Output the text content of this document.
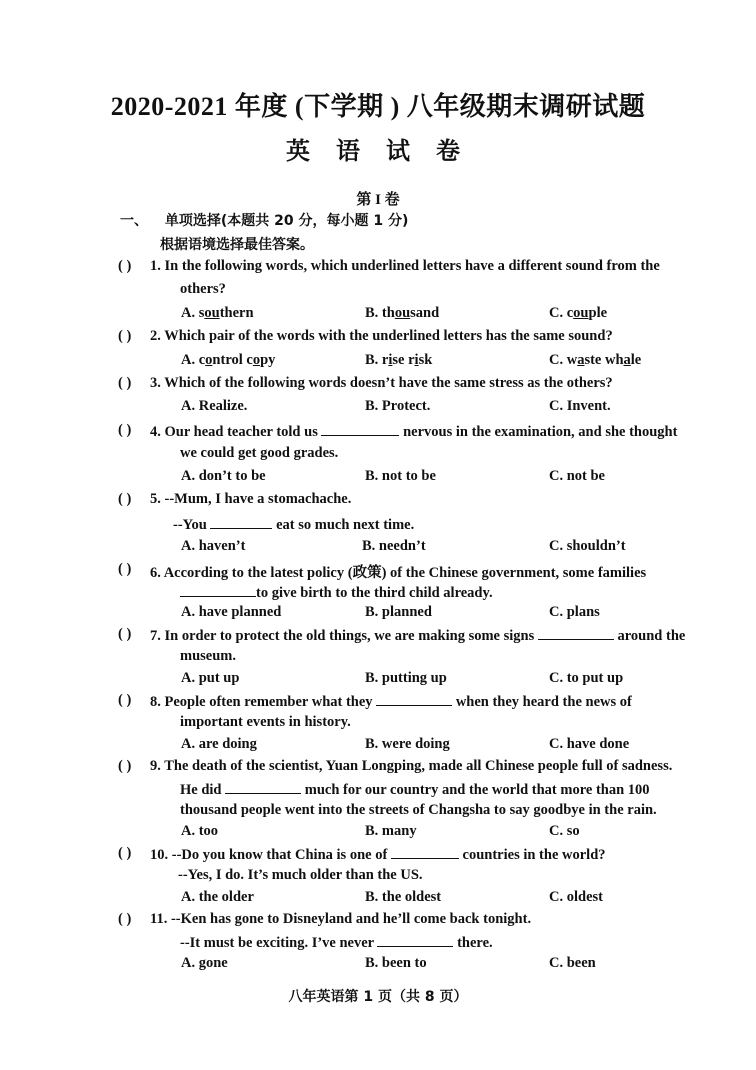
2020-2021 年度 (下学期 ) 八年级期末调研试题
英 语 试 卷
第 I 卷
一、 单项选择(本题共 20 分，每小题 1 分)
根据语境选择最佳答案。
( ) 1. In the following words, which underlined letters have a different sound from the
others?
A. southern	B. thousand	C. couple
( ) 2. Which pair of the words with the underlined letters has the same sound?
A. control copy	B. rise risk	C. waste whale
( ) 3. Which of the following words doesn’t have the same stress as the others?
A. Realize.	B. Protect.	C. Invent.
( ) 4. Our head teacher told us	nervous in the examination, and she thought
we could get good grades.
A. don’t to be	B. not to be	C. not be
( ) 5. --Mum, I have a stomachache.
--You	eat so much next time.
A. haven’t	B. needn’t	C. shouldn’t
( ) 6. According to the latest policy (政策) of the Chinese government, some families
to give birth to the third child already.
A. have planned	B. planned	C. plans
( ) 7. In order to protect the old things, we are making some signs	around the
museum.
A. put up	B. putting up	C. to put up
( ) 8. People often remember what they	when they heard the news of
important events in history.
A. are doing	B. were doing	C. have done
( ) 9. The death of the scientist, Yuan Longping, made all Chinese people full of sadness.
He did	much for our country and the world that more than 100
thousand people went into the streets of Changsha to say goodbye in the rain.
A. too	B. many	C. so
( ) 10. --Do you know that China is one of	countries in the world?
--Yes, I do. It’s much older than the US.
A. the older	B. the oldest	C. oldest
( ) 11. --Ken has gone to Disneyland and he’ll come back tonight.
--It must be exciting. I’ve never	there.
A. gone	B. been to	C. been
八年英语第 1 页（共 8 页）
